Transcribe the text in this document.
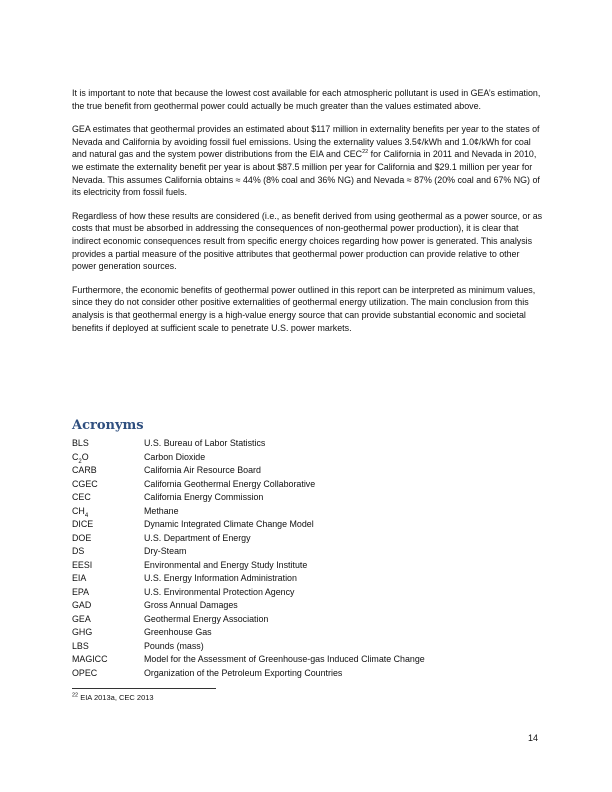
It is important to note that because the lowest cost available for each atmospheric pollutant is used in GEA’s estimation, the true benefit from geothermal power could actually be much greater than the values estimated above.

GEA estimates that geothermal provides an estimated about $117 million in externality benefits per year to the states of Nevada and California by avoiding fossil fuel emissions. Using the externality values 3.5¢/kWh and 1.0¢/kWh for coal and natural gas and the system power distributions from the EIA and CEC$^{22}$ for California in 2011 and Nevada in 2010, we estimate the externality benefit per year is about $87.5 million per year for California and $29.1 million per year for Nevada. This assumes California obtains ≈ 44% (8% coal and 36% NG) and Nevada ≈ 87% (20% coal and 67% NG) of its electricity from fossil fuels.

Regardless of how these results are considered (i.e., as benefit derived from using geothermal as a power source, or as costs that must be absorbed in addressing the consequences of non-geothermal power production), it is clear that indirect economic consequences result from specific energy choices regarding how power is generated. This analysis provides a partial measure of the positive attributes that geothermal power production can provide relative to other power generation sources.

Furthermore, the economic benefits of geothermal power outlined in this report can be interpreted as minimum values, since they do not consider other positive externalities of geothermal energy utilization. The main conclusion from this analysis is that geothermal energy is a high-value energy source that can provide substantial economic and societal benefits if deployed at sufficient scale to penetrate U.S. power markets.

Acronyms
BLS	U.S. Bureau of Labor Statistics
$C_2O$	Carbon Dioxide
CARB	California Air Resource Board
CGEC	California Geothermal Energy Collaborative
CEC	California Energy Commission
$CH_4$	Methane
DICE	Dynamic Integrated Climate Change Model
DOE	U.S. Department of Energy
DS	Dry-Steam
EESI	Environmental and Energy Study Institute
EIA	U.S. Energy Information Administration
EPA	U.S. Environmental Protection Agency
GAD	Gross Annual Damages
GEA	Geothermal Energy Association
GHG	Greenhouse Gas
LBS	Pounds (mass)
MAGICC	Model for the Assessment of Greenhouse-gas Induced Climate Change
OPEC	Organization of the Petroleum Exporting Countries
$^{22}$ EIA 2013a, CEC 2013
14
